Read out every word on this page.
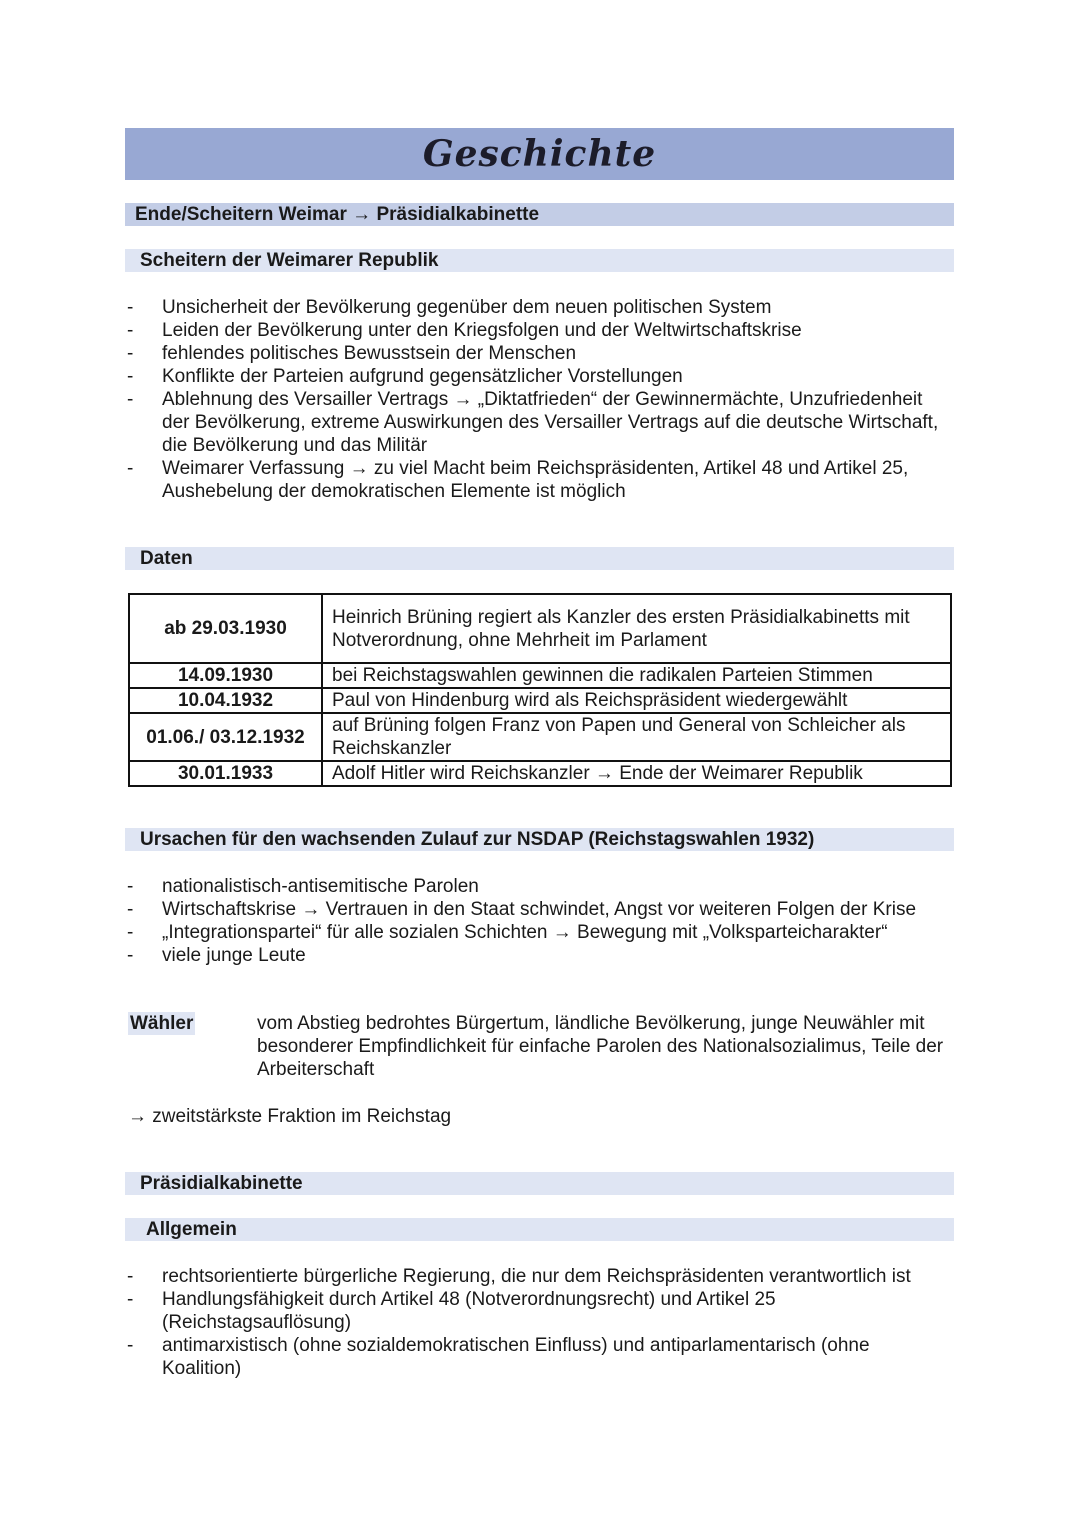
Geschichte
Ende/Scheitern Weimar → Präsidialkabinette
Scheitern der Weimarer Republik
- Unsicherheit der Bevölkerung gegenüber dem neuen politischen System
- Leiden der Bevölkerung unter den Kriegsfolgen und der Weltwirtschaftskrise
- fehlendes politisches Bewusstsein der Menschen
- Konflikte der Parteien aufgrund gegensätzlicher Vorstellungen
- Ablehnung des Versailler Vertrags → „Diktatfrieden“ der Gewinnermächte, Unzufriedenheit der Bevölkerung, extreme Auswirkungen des Versailler Vertrags auf die deutsche Wirtschaft, die Bevölkerung und das Militär
- Weimarer Verfassung → zu viel Macht beim Reichspräsidenten, Artikel 48 und Artikel 25, Aushebelung der demokratischen Elemente ist möglich
Daten
ab 29.03.1930	Heinrich Brüning regiert als Kanzler des ersten Präsidialkabinetts mit Notverordnung, ohne Mehrheit im Parlament
14.09.1930	bei Reichstagswahlen gewinnen die radikalen Parteien Stimmen
10.04.1932	Paul von Hindenburg wird als Reichspräsident wiedergewählt
01.06./ 03.12.1932	auf Brüning folgen Franz von Papen und General von Schleicher als Reichskanzler
30.01.1933	Adolf Hitler wird Reichskanzler → Ende der Weimarer Republik
Ursachen für den wachsenden Zulauf zur NSDAP (Reichstagswahlen 1932)
- nationalistisch-antisemitische Parolen
- Wirtschaftskrise → Vertrauen in den Staat schwindet, Angst vor weiteren Folgen der Krise
- „Integrationspartei“ für alle sozialen Schichten → Bewegung mit „Volksparteicharakter“
- viele junge Leute
Wähler	vom Abstieg bedrohtes Bürgertum, ländliche Bevölkerung, junge Neuwähler mit besonderer Empfindlichkeit für einfache Parolen des Nationalsozialimus, Teile der Arbeiterschaft
→ zweitstärkste Fraktion im Reichstag
Präsidialkabinette
Allgemein
- rechtsorientierte bürgerliche Regierung, die nur dem Reichspräsidenten verantwortlich ist
- Handlungsfähigkeit durch Artikel 48 (Notverordnungsrecht) und Artikel 25 (Reichstagsauflösung)
- antimarxistisch (ohne sozialdemokratischen Einfluss) und antiparlamentarisch (ohne Koalition)
